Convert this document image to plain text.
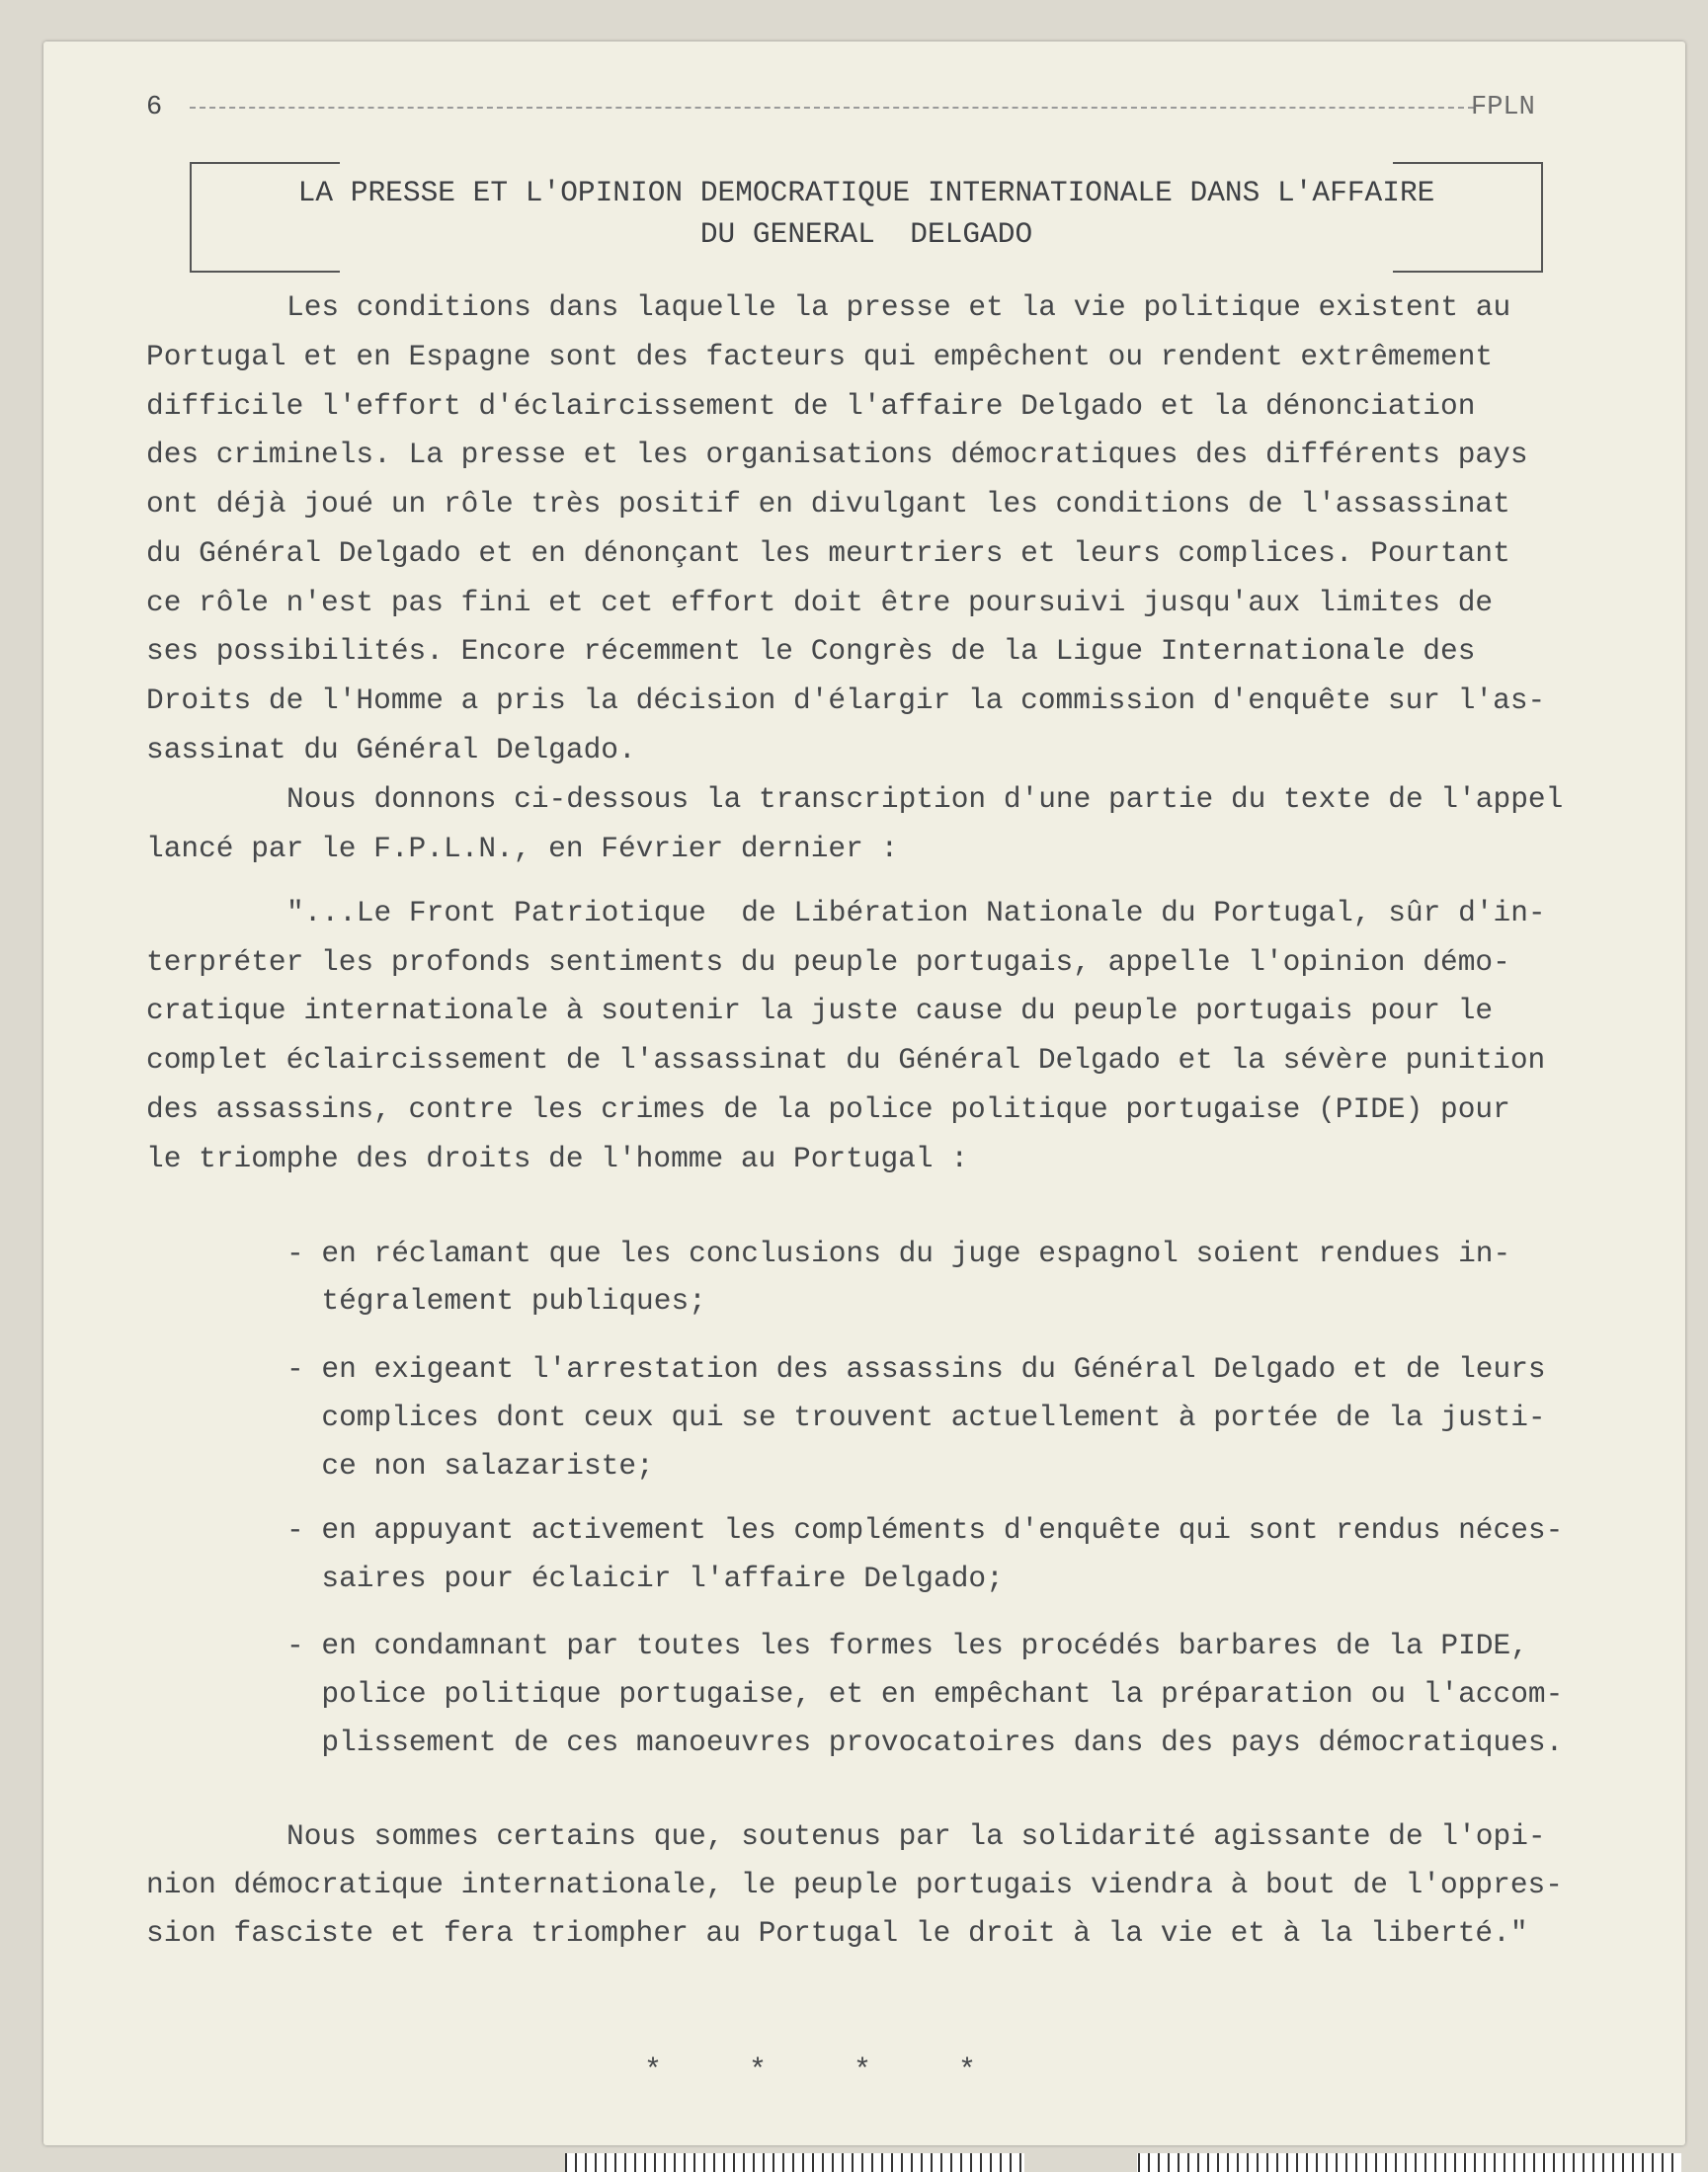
6	FPLN
LA PRESSE ET L'OPINION DEMOCRATIQUE INTERNATIONALE DANS L'AFFAIRE
DU GENERAL  DELGADO
Les conditions dans laquelle la presse et la vie politique existent au
Portugal et en Espagne sont des facteurs qui empêchent ou rendent extrêmement
difficile l'effort d'éclaircissement de l'affaire Delgado et la dénonciation
des criminels. La presse et les organisations démocratiques des différents pays
ont déjà joué un rôle très positif en divulgant les conditions de l'assassinat
du Général Delgado et en dénonçant les meurtriers et leurs complices. Pourtant
ce rôle n'est pas fini et cet effort doit être poursuivi jusqu'aux limites de
ses possibilités. Encore récemment le Congrès de la Ligue Internationale des
Droits de l'Homme a pris la décision d'élargir la commission d'enquête sur l'as-
sassinat du Général Delgado.
Nous donnons ci-dessous la transcription d'une partie du texte de l'appel
lancé par le F.P.L.N., en Février dernier :
"...Le Front Patriotique  de Libération Nationale du Portugal, sûr d'in-
terpréter les profonds sentiments du peuple portugais, appelle l'opinion démo-
cratique internationale à soutenir la juste cause du peuple portugais pour le
complet éclaircissement de l'assassinat du Général Delgado et la sévère punition
des assassins, contre les crimes de la police politique portugaise (PIDE) pour
le triomphe des droits de l'homme au Portugal :
- en réclamant que les conclusions du juge espagnol soient rendues in-
tégralement publiques;
- en exigeant l'arrestation des assassins du Général Delgado et de leurs
complices dont ceux qui se trouvent actuellement à portée de la justi-
ce non salazariste;
- en appuyant activement les compléments d'enquête qui sont rendus néces-
saires pour éclaicir l'affaire Delgado;
- en condamnant par toutes les formes les procédés barbares de la PIDE,
police politique portugaise, et en empêchant la préparation ou l'accom-
plissement de ces manoeuvres provocatoires dans des pays démocratiques.
Nous sommes certains que, soutenus par la solidarité agissante de l'opi-
nion démocratique internationale, le peuple portugais viendra à bout de l'oppres-
sion fasciste et fera triompher au Portugal le droit à la vie et à la liberté."
*	*	*	*
